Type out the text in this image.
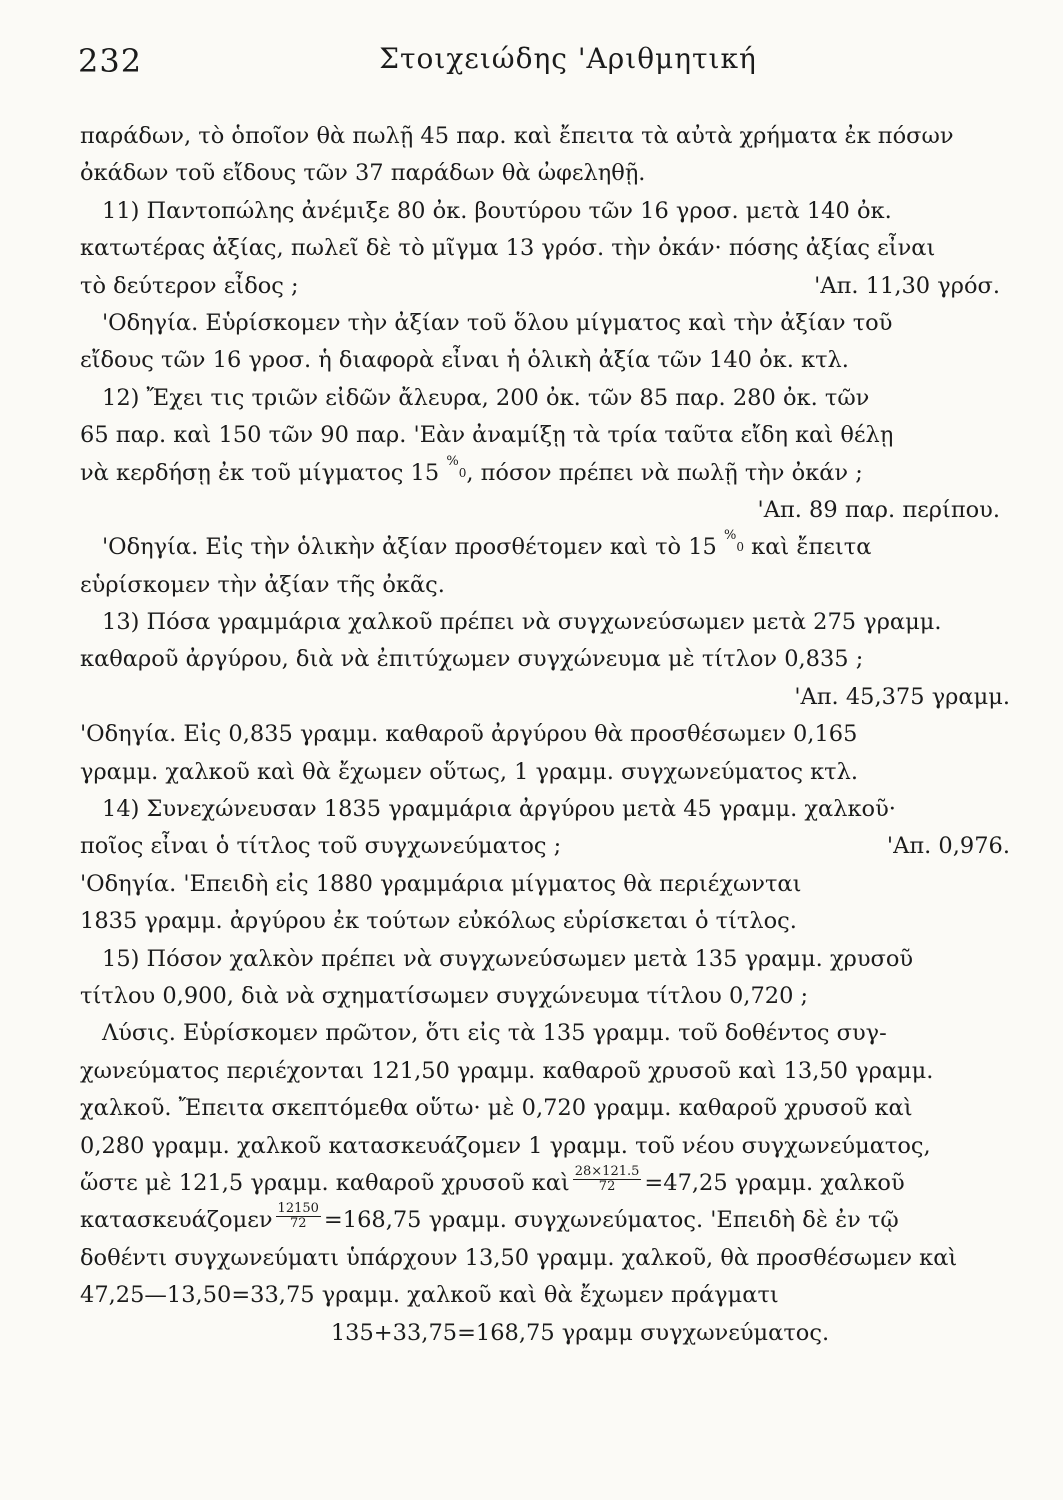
232	Στοιχειώδης 'Αριθμητική
παράδων, τὸ ὁποῖον θὰ πωλῇ 45 παρ. καὶ ἔπειτα τὰ αὐτὰ χρήματα ἐκ πόσων
ὀκάδων τοῦ εἴδους τῶν 37 παράδων θὰ ὠφεληθῇ.
11) Παντοπώλης ἀνέμιξε 80 ὀκ. βουτύρου τῶν 16 γροσ. μετὰ 140 ὀκ.
κατωτέρας ἀξίας, πωλεῖ δὲ τὸ μῖγμα 13 γρόσ. τὴν ὀκάν· πόσης ἀξίας εἶναι
τὸ δεύτερον εἶδος ;	'Απ. 11,30 γρόσ.
'Οδηγία. Εὑρίσκομεν τὴν ἀξίαν τοῦ ὅλου μίγματος καὶ τὴν ἀξίαν τοῦ
εἴδους τῶν 16 γροσ. ἡ διαφορὰ εἶναι ἡ ὁλικὴ ἀξία τῶν 140 ὀκ. κτλ.
12) Ἔχει τις τριῶν εἰδῶν ἄλευρα, 200 ὀκ. τῶν 85 παρ. 280 ὀκ. τῶν
65 παρ. καὶ 150 τῶν 90 παρ. 'Εὰν ἀναμίξῃ τὰ τρία ταῦτα εἴδη καὶ θέλῃ
νὰ κερδήσῃ ἐκ τοῦ μίγματος 15
%
0 , πόσον πρέπει νὰ πωλῇ τὴν ὀκάν ;
'Απ. 89 παρ. περίπου.
'Οδηγία. Εἰς τὴν ὁλικὴν ἀξίαν προσθέτομεν καὶ τὸ 15
%
0
καὶ ἔπειτα
εὑρίσκομεν τὴν ἀξίαν τῆς ὀκᾶς.
13) Πόσα γραμμάρια χαλκοῦ πρέπει νὰ συγχωνεύσωμεν μετὰ 275 γραμμ.
καθαροῦ ἀργύρου, διὰ νὰ ἐπιτύχωμεν συγχώνευμα μὲ τίτλον 0,835 ;
'Απ. 45,375 γραμμ.
'Οδηγία. Εἰς 0,835 γραμμ. καθαροῦ ἀργύρου θὰ προσθέσωμεν 0,165
γραμμ. χαλκοῦ καὶ θὰ ἔχωμεν οὕτως, 1 γραμμ. συγχωνεύματος κτλ.
14) Συνεχώνευσαν 1835 γραμμάρια ἀργύρου μετὰ 45 γραμμ. χαλκοῦ·
ποῖος εἶναι ὁ τίτλος τοῦ συγχωνεύματος ;	'Απ. 0,976.
'Οδηγία. 'Επειδὴ εἰς 1880 γραμμάρια μίγματος θὰ περιέχωνται
1835 γραμμ. ἀργύρου ἐκ τούτων εὐκόλως εὑρίσκεται ὁ τίτλος.
15) Πόσον χαλκὸν πρέπει νὰ συγχωνεύσωμεν μετὰ 135 γραμμ. χρυσοῦ
τίτλου 0,900, διὰ νὰ σχηματίσωμεν συγχώνευμα τίτλου 0,720 ;
Λύσις. Εὑρίσκομεν πρῶτον, ὅτι εἰς τὰ 135 γραμμ. τοῦ δοθέντος συγ-
χωνεύματος περιέχονται 121,50 γραμμ. καθαροῦ χρυσοῦ καὶ 13,50 γραμμ.
χαλκοῦ. Ἔπειτα σκεπτόμεθα οὕτω· μὲ 0,720 γραμμ. καθαροῦ χρυσοῦ καὶ
0,280 γραμμ. χαλκοῦ κατασκευάζομεν 1 γραμμ. τοῦ νέου συγχωνεύματος,
ὥστε μὲ 121,5 γραμμ. καθαροῦ χρυσοῦ καὶ $\frac{28\times 121.5}{72} =47,25$ γραμμ. χαλκοῦ
κατασκευάζομεν $\frac{12150}{72} =168,75$ γραμμ. συγχωνεύματος. 'Επειδὴ δὲ ἐν τῷ
δοθέντι συγχωνεύματι ὑπάρχουν 13,50 γραμμ. χαλκοῦ, θὰ προσθέσωμεν καὶ
47,25—13,50=33,75 γραμμ. χαλκοῦ καὶ θὰ ἔχωμεν πράγματι
135+33,75=168,75 γραμμ συγχωνεύματος.
